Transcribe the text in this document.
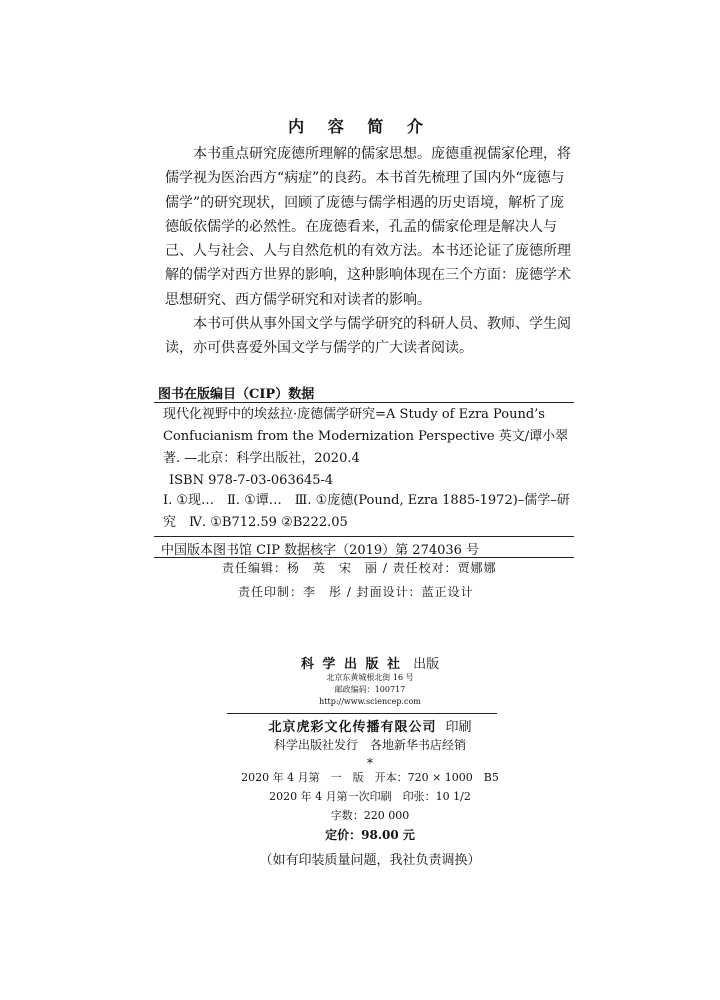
内 容 简 介

本书重点研究庞德所理解的儒家思想。庞德重视儒家伦理，将儒学视为医治西方“病症”的良药。本书首先梳理了国内外“庞德与儒学”的研究现状，回顾了庞德与儒学相遇的历史语境，解析了庞德皈依儒学的必然性。在庞德看来，孔孟的儒家伦理是解决人与己、人与社会、人与自然危机的有效方法。本书还论证了庞德所理解的儒学对西方世界的影响，这种影响体现在三个方面：庞德学术思想研究、西方儒学研究和对读者的影响。

本书可供从事外国文学与儒学研究的科研人员、教师、学生阅读，亦可供喜爱外国文学与儒学的广大读者阅读。

图书在版编目（CIP）数据

现代化视野中的埃兹拉·庞德儒学研究=A Study of Ezra Pound’s Confucianism from the Modernization Perspective 英文/谭小翠著. —北京：科学出版社，2020.4

ISBN 978-7-03-063645-4

Ⅰ. ①现…　Ⅱ. ①谭…　Ⅲ. ①庞德(Pound, Ezra 1885-1972)–儒学–研究　Ⅳ. ①B712.59 ②B222.05

中国版本图书馆 CIP 数据核字（2019）第 274036 号
责任编辑：杨　英　宋　丽 / 责任校对：贾娜娜
责任印制：李　彤 / 封面设计：蓝正设计
科 学 出 版 社 出版
北京东黄城根北街 16 号
邮政编码：100717
http://www.sciencep.com
北京虎彩文化传播有限公司 印刷
科学出版社发行　各地新华书店经销
*
2020 年 4 月第　一　版　开本：720 × 1000　B5
2020 年 4 月第一次印刷　印张：10 1/2
字数：220 000
定价：98.00 元
（如有印装质量问题，我社负责调换）
